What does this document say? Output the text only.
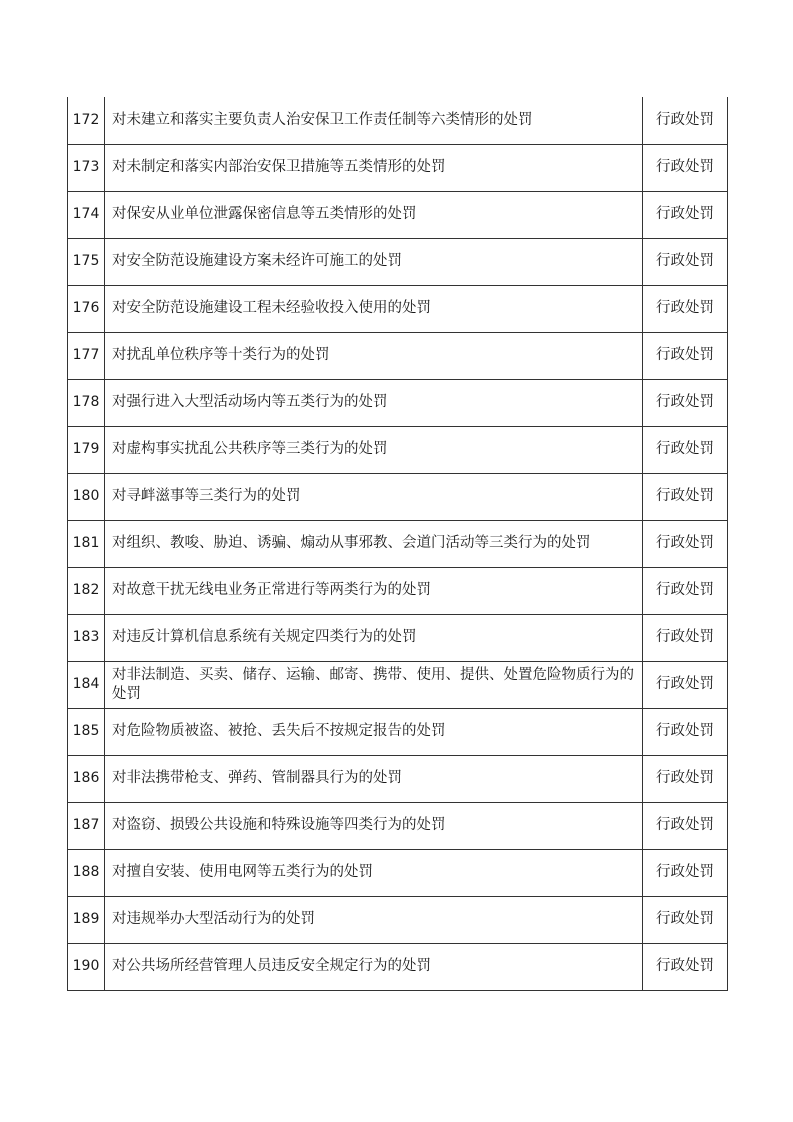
172	对未建立和落实主要负责人治安保卫工作责任制等六类情形的处罚	行政处罚
173	对未制定和落实内部治安保卫措施等五类情形的处罚	行政处罚
174	对保安从业单位泄露保密信息等五类情形的处罚	行政处罚
175	对安全防范设施建设方案未经许可施工的处罚	行政处罚
176	对安全防范设施建设工程未经验收投入使用的处罚	行政处罚
177	对扰乱单位秩序等十类行为的处罚	行政处罚
178	对强行进入大型活动场内等五类行为的处罚	行政处罚
179	对虚构事实扰乱公共秩序等三类行为的处罚	行政处罚
180	对寻衅滋事等三类行为的处罚	行政处罚
181	对组织、教唆、胁迫、诱骗、煽动从事邪教、会道门活动等三类行为的处罚	行政处罚
182	对故意干扰无线电业务正常进行等两类行为的处罚	行政处罚
183	对违反计算机信息系统有关规定四类行为的处罚	行政处罚
184	对非法制造、买卖、储存、运输、邮寄、携带、使用、提供、处置危险物质行为的处罚	行政处罚
185	对危险物质被盗、被抢、丢失后不按规定报告的处罚	行政处罚
186	对非法携带枪支、弹药、管制器具行为的处罚	行政处罚
187	对盗窃、损毁公共设施和特殊设施等四类行为的处罚	行政处罚
188	对擅自安装、使用电网等五类行为的处罚	行政处罚
189	对违规举办大型活动行为的处罚	行政处罚
190	对公共场所经营管理人员违反安全规定行为的处罚	行政处罚
